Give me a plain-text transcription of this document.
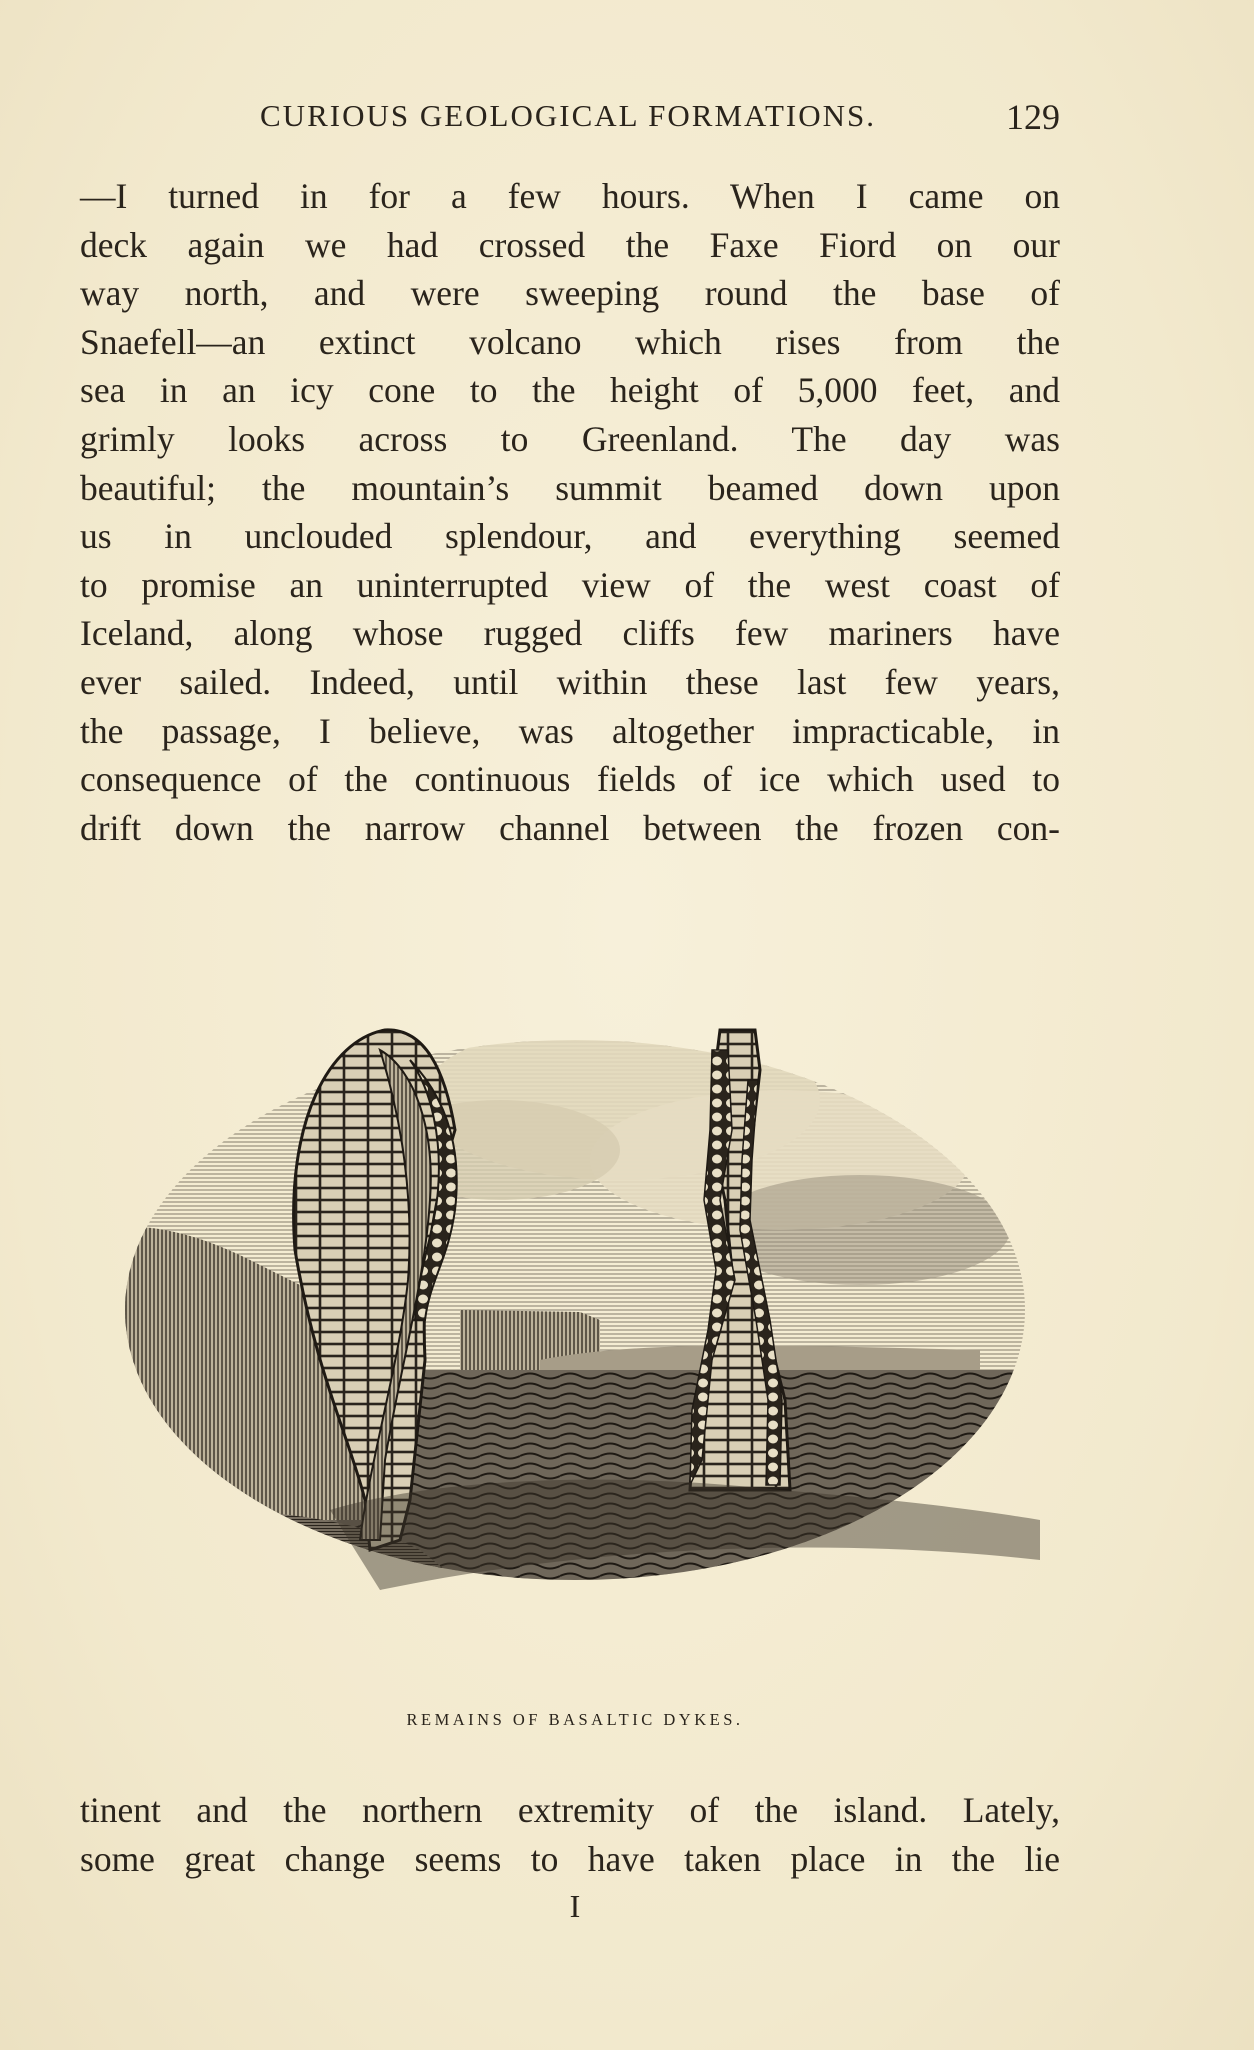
CURIOUS GEOLOGICAL FORMATIONS.	129
—I turned in for a few hours. When I came on
deck again we had crossed the Faxe Fiord on our
way north, and were sweeping round the base of
Snaefell—an extinct volcano which rises from the
sea in an icy cone to the height of 5,000 feet, and
grimly looks across to Greenland. The day was
beautiful; the mountain’s summit beamed down upon
us in unclouded splendour, and everything seemed
to promise an uninterrupted view of the west coast of
Iceland, along whose rugged cliffs few mariners have
ever sailed. Indeed, until within these last few years,
the passage, I believe, was altogether impracticable, in
consequence of the continuous fields of ice which used to
drift down the narrow channel between the frozen con-
REMAINS OF BASALTIC DYKES.
tinent and the northern extremity of the island. Lately,
some great change seems to have taken place in the lie
I
